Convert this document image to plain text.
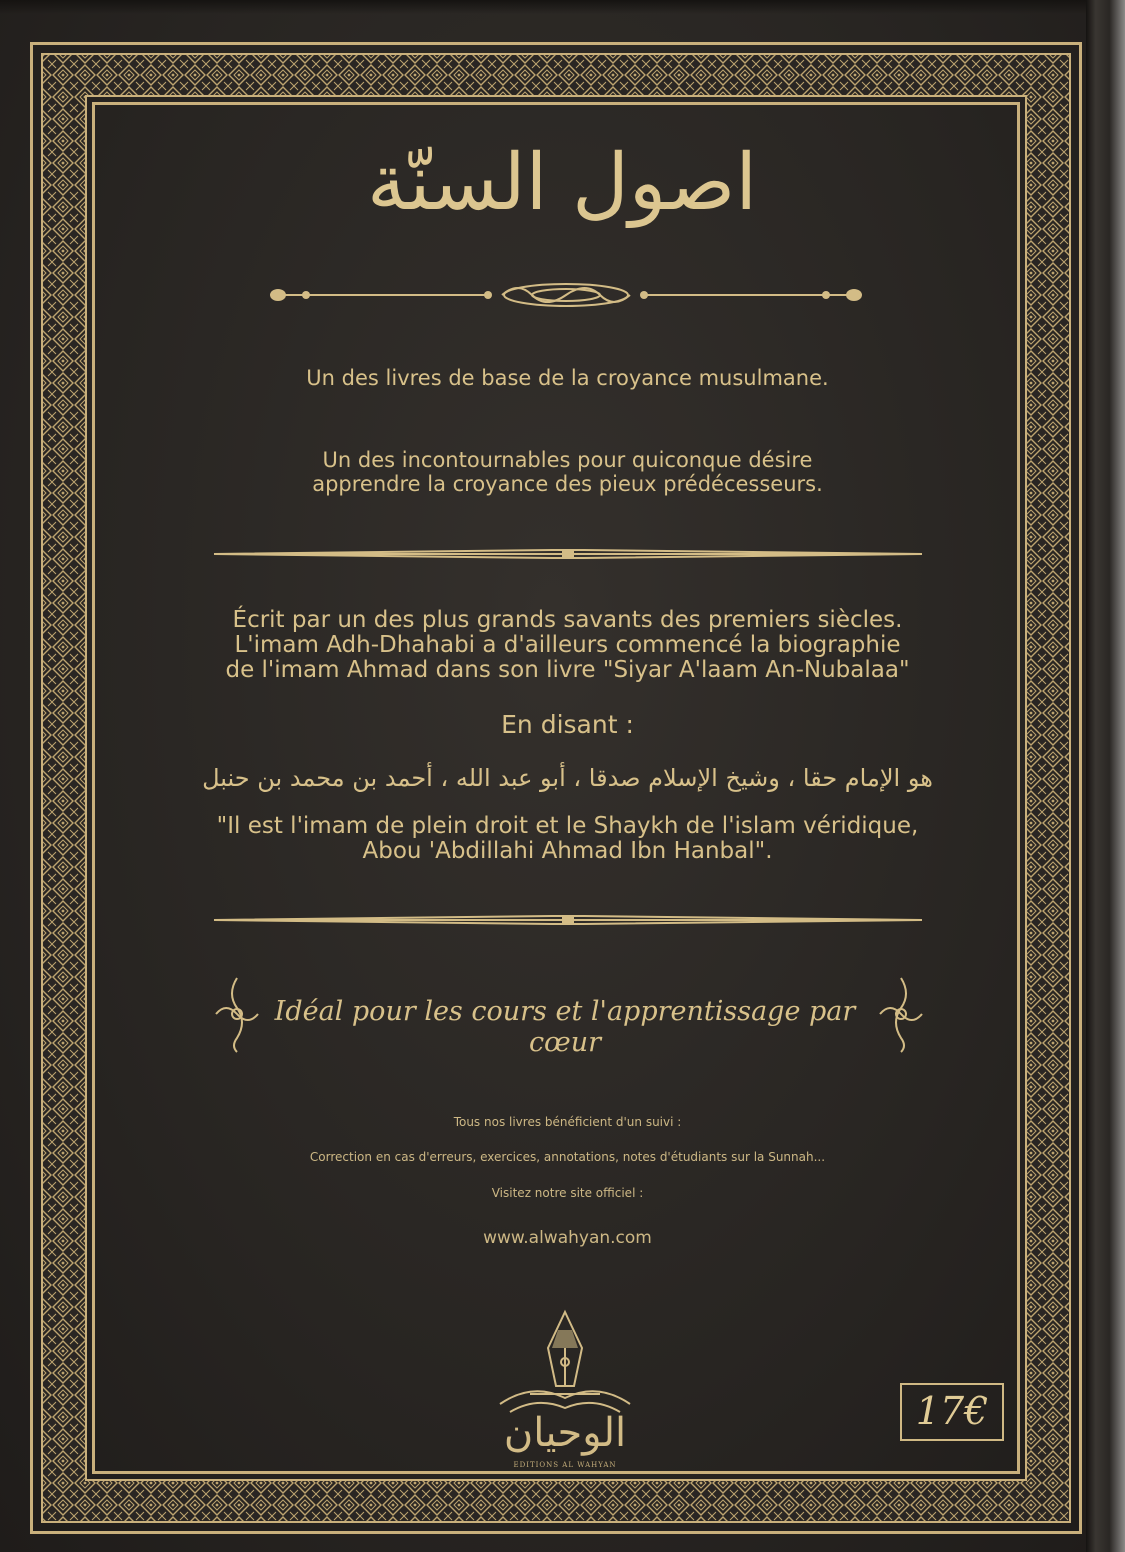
اصول السنّة
Un des livres de base de la croyance musulmane.
Un des incontournables pour quiconque désire
apprendre la croyance des pieux prédécesseurs.
Écrit par un des plus grands savants des premiers siècles.
L'imam Adh-Dhahabi a d'ailleurs commencé la biographie
de l'imam Ahmad dans son livre "Siyar A'laam An-Nubalaa"
En disant :
هو الإمام حقا ، وشيخ الإسلام صدقا ، أبو عبد الله ، أحمد بن محمد بن حنبل
"Il est l'imam de plein droit et le Shaykh de l'islam véridique,
Abou 'Abdillahi Ahmad Ibn Hanbal".
Idéal pour les cours et l'apprentissage par cœur
Tous nos livres bénéficient d'un suivi :
Correction en cas d'erreurs, exercices, annotations, notes d'étudiants sur la Sunnah...
Visitez notre site officiel :
www.alwahyan.com
الوحيان
EDITIONS AL WAHYAN
17€
